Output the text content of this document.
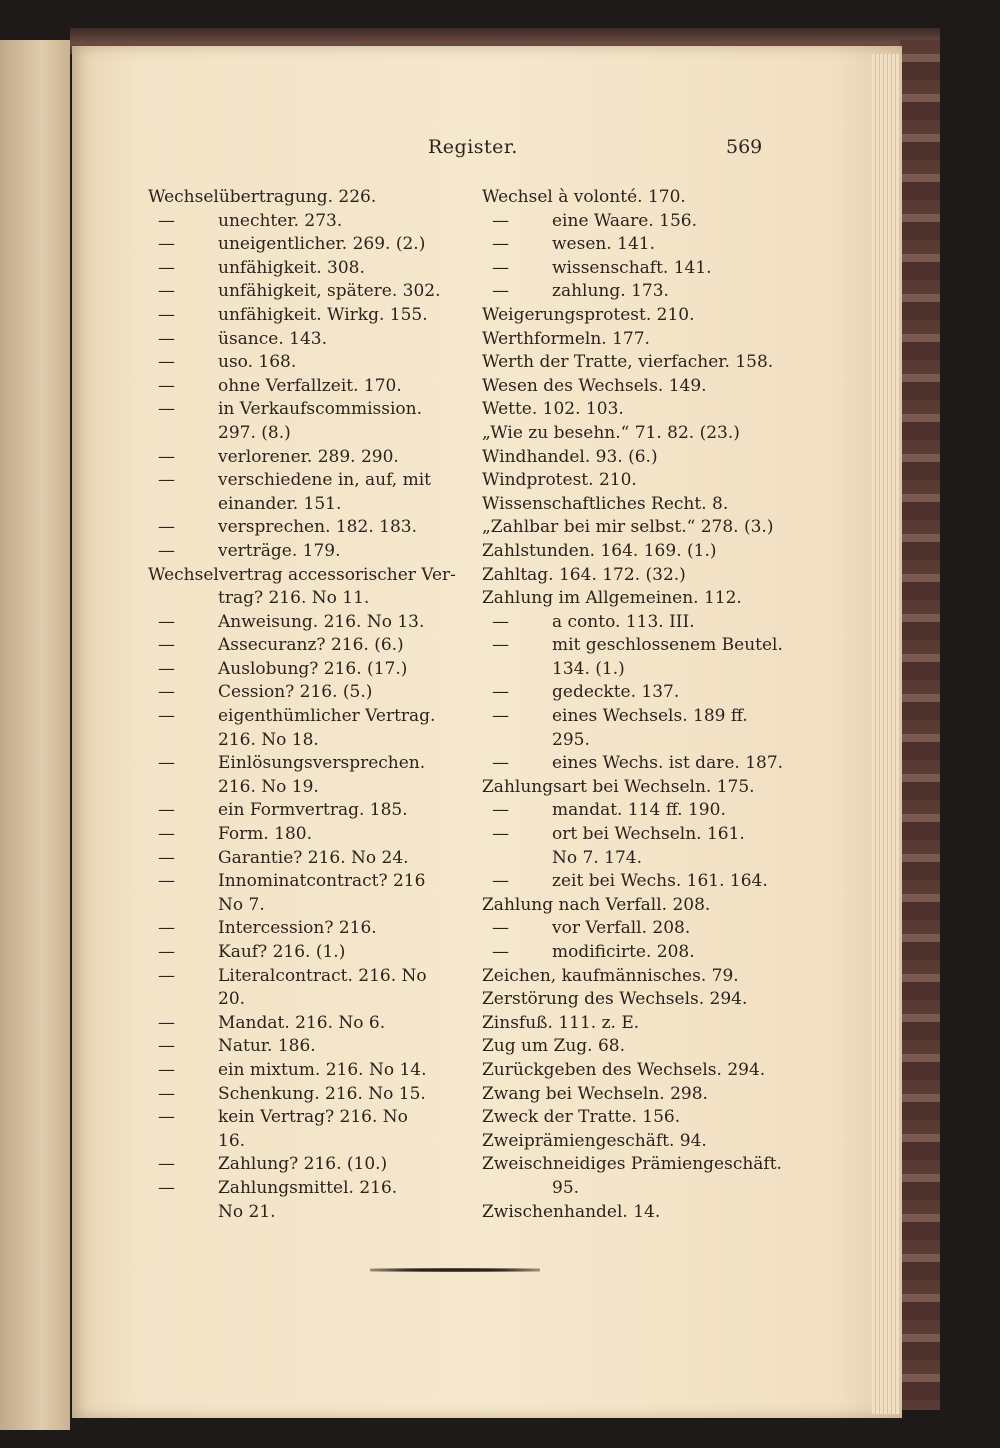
Register.	569
Wechselübertragung. 226.
—	unechter. 273.
—	uneigentlicher. 269. (2.)
—	unfähigkeit. 308.
—	unfähigkeit, spätere. 302.
—	unfähigkeit. Wirkg. 155.
—	üsance. 143.
—	uso. 168.
—	ohne Verfallzeit. 170.
—	in Verkaufscommission.
297. (8.)
—	verlorener. 289. 290.
—	verschiedene in, auf, mit
einander. 151.
—	versprechen. 182. 183.
—	verträge. 179.
Wechselvertrag accessorischer Ver-
trag? 216. No 11.
—	Anweisung. 216. No 13.
—	Assecuranz? 216. (6.)
—	Auslobung? 216. (17.)
—	Cession? 216. (5.)
—	eigenthümlicher Vertrag.
216. No 18.
—	Einlösungsversprechen.
216. No 19.
—	ein Formvertrag. 185.
—	Form. 180.
—	Garantie? 216. No 24.
—	Innominatcontract? 216
No 7.
—	Intercession? 216.
—	Kauf? 216. (1.)
—	Literalcontract. 216. No
20.
—	Mandat. 216. No 6.
—	Natur. 186.
—	ein mixtum. 216. No 14.
—	Schenkung. 216. No 15.
—	kein Vertrag? 216. No
16.
—	Zahlung? 216. (10.)
—	Zahlungsmittel. 216.
No 21.
Wechsel à volonté. 170.
—	eine Waare. 156.
—	wesen. 141.
—	wissenschaft. 141.
—	zahlung. 173.
Weigerungsprotest. 210.
Werthformeln. 177.
Werth der Tratte, vierfacher. 158.
Wesen des Wechsels. 149.
Wette. 102. 103.
„Wie zu besehn.“ 71. 82. (23.)
Windhandel. 93. (6.)
Windprotest. 210.
Wissenschaftliches Recht. 8.
„Zahlbar bei mir selbst.“ 278. (3.)
Zahlstunden. 164. 169. (1.)
Zahltag. 164. 172. (32.)
Zahlung im Allgemeinen. 112.
—	a conto. 113. III.
—	mit geschlossenem Beutel.
134. (1.)
—	gedeckte. 137.
—	eines Wechsels. 189 ff.
295.
—	eines Wechs. ist dare. 187.
Zahlungsart bei Wechseln. 175.
—	mandat. 114 ff. 190.
—	ort bei Wechseln. 161.
No 7. 174.
—	zeit bei Wechs. 161. 164.
Zahlung nach Verfall. 208.
—	vor Verfall. 208.
—	modificirte. 208.
Zeichen, kaufmännisches. 79.
Zerstörung des Wechsels. 294.
Zinsfuß. 111. z. E.
Zug um Zug. 68.
Zurückgeben des Wechsels. 294.
Zwang bei Wechseln. 298.
Zweck der Tratte. 156.
Zweiprämiengeschäft. 94.
Zweischneidiges Prämiengeschäft.
95.
Zwischenhandel. 14.
